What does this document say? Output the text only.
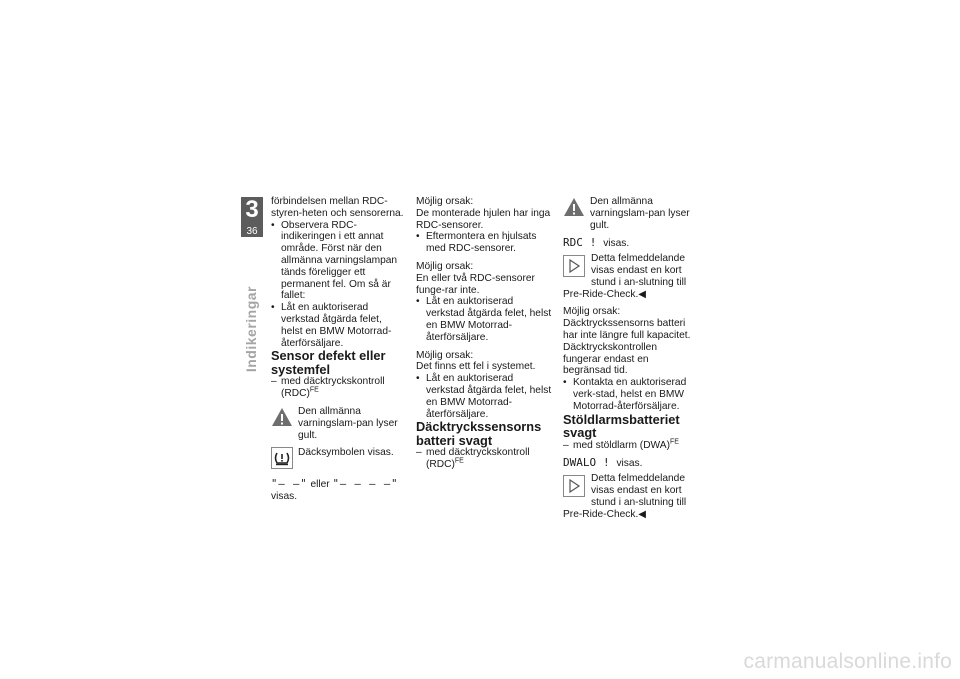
3
36
Indikeringar

förbindelsen mellan RDC-styren-heten och sensorerna.

• Observera RDC-indikeringen i ett annat område. Först när den allmänna varningslampan tänds föreligger ett permanent fel. Om så är fallet:

• Låt en auktoriserad verkstad åtgärda felet, helst en BMW Motorrad-återförsäljare.

Sensor defekt eller systemfel

– med däcktryckskontroll (RDC)$^{FE}$

Den allmänna varningslam-pan lyser gult.

Däcksymbolen visas.

"– –" eller "– – – –" visas.

Möjlig orsak:

De monterade hjulen har inga RDC-sensorer.

• Eftermontera en hjulsats med RDC-sensorer.

Möjlig orsak:

En eller två RDC-sensorer funge-rar inte.

• Låt en auktoriserad verkstad åtgärda felet, helst en BMW Motorrad-återförsäljare.

Möjlig orsak:

Det finns ett fel i systemet.

• Låt en auktoriserad verkstad åtgärda felet, helst en BMW Motorrad-återförsäljare.

Däcktryckssensorns batteri svagt

– med däcktryckskontroll (RDC)$^{FE}$

Den allmänna varningslam-pan lyser gult.

RDC ! visas.

Detta felmeddelande visas endast en kort stund i an-slutning till Pre-Ride-Check.◀

Möjlig orsak:

Däcktryckssensorns batteri har inte längre full kapacitet. Däcktryckskontrollen fungerar endast en begränsad tid.

• Kontakta en auktoriserad verk-stad, helst en BMW Motorrad-återförsäljare.

Stöldlarmsbatteriet svagt

– med stöldlarm (DWA)$^{FE}$

DWALO ! visas.

Detta felmeddelande visas endast en kort stund i an-slutning till Pre-Ride-Check.◀

carmanualsonline.info
